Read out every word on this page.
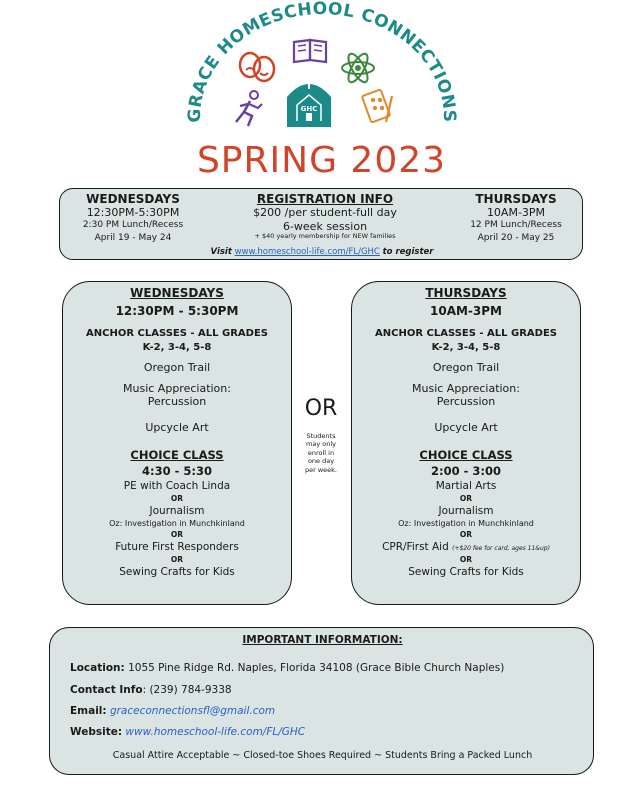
GRACE HOMESCHOOL CONNECTIONS
GHC
SPRING 2023
WEDNESDAYS
12:30PM-5:30PM
2:30 PM Lunch/Recess
April 19 - May 24
REGISTRATION INFO
$200 /per student-full day
6-week session
+ $40 yearly membership for NEW families
THURSDAYS
10AM-3PM
12 PM Lunch/Recess
April 20 - May 25
Visit www.homeschool-life.com/FL/GHC to register
WEDNESDAYS
12:30PM - 5:30PM
ANCHOR CLASSES - ALL GRADES
K-2, 3-4, 5-8
Oregon Trail
Music Appreciation:
Percussion
Upcycle Art
CHOICE CLASS
4:30 - 5:30
PE with Coach Linda
OR
Journalism
Oz: Investigation in Munchkinland
OR
Future First Responders
OR
Sewing Crafts for Kids
OR
Students
may only
enroll in
one day
per week.
THURSDAYS
10AM-3PM
ANCHOR CLASSES - ALL GRADES
K-2, 3-4, 5-8
Oregon Trail
Music Appreciation:
Percussion
Upcycle Art
CHOICE CLASS
2:00 - 3:00
Martial Arts
OR
Journalism
Oz: Investigation in Munchkinland
OR
CPR/First Aid (+$20 fee for card, ages 11&up)
OR
Sewing Crafts for Kids
IMPORTANT INFORMATION:
Location: 1055 Pine Ridge Rd. Naples, Florida 34108 (Grace Bible Church Naples)
Contact Info: (239) 784-9338
Email: graceconnectionsfl@gmail.com
Website: www.homeschool-life.com/FL/GHC
Casual Attire Acceptable ~ Closed-toe Shoes Required ~ Students Bring a Packed Lunch
